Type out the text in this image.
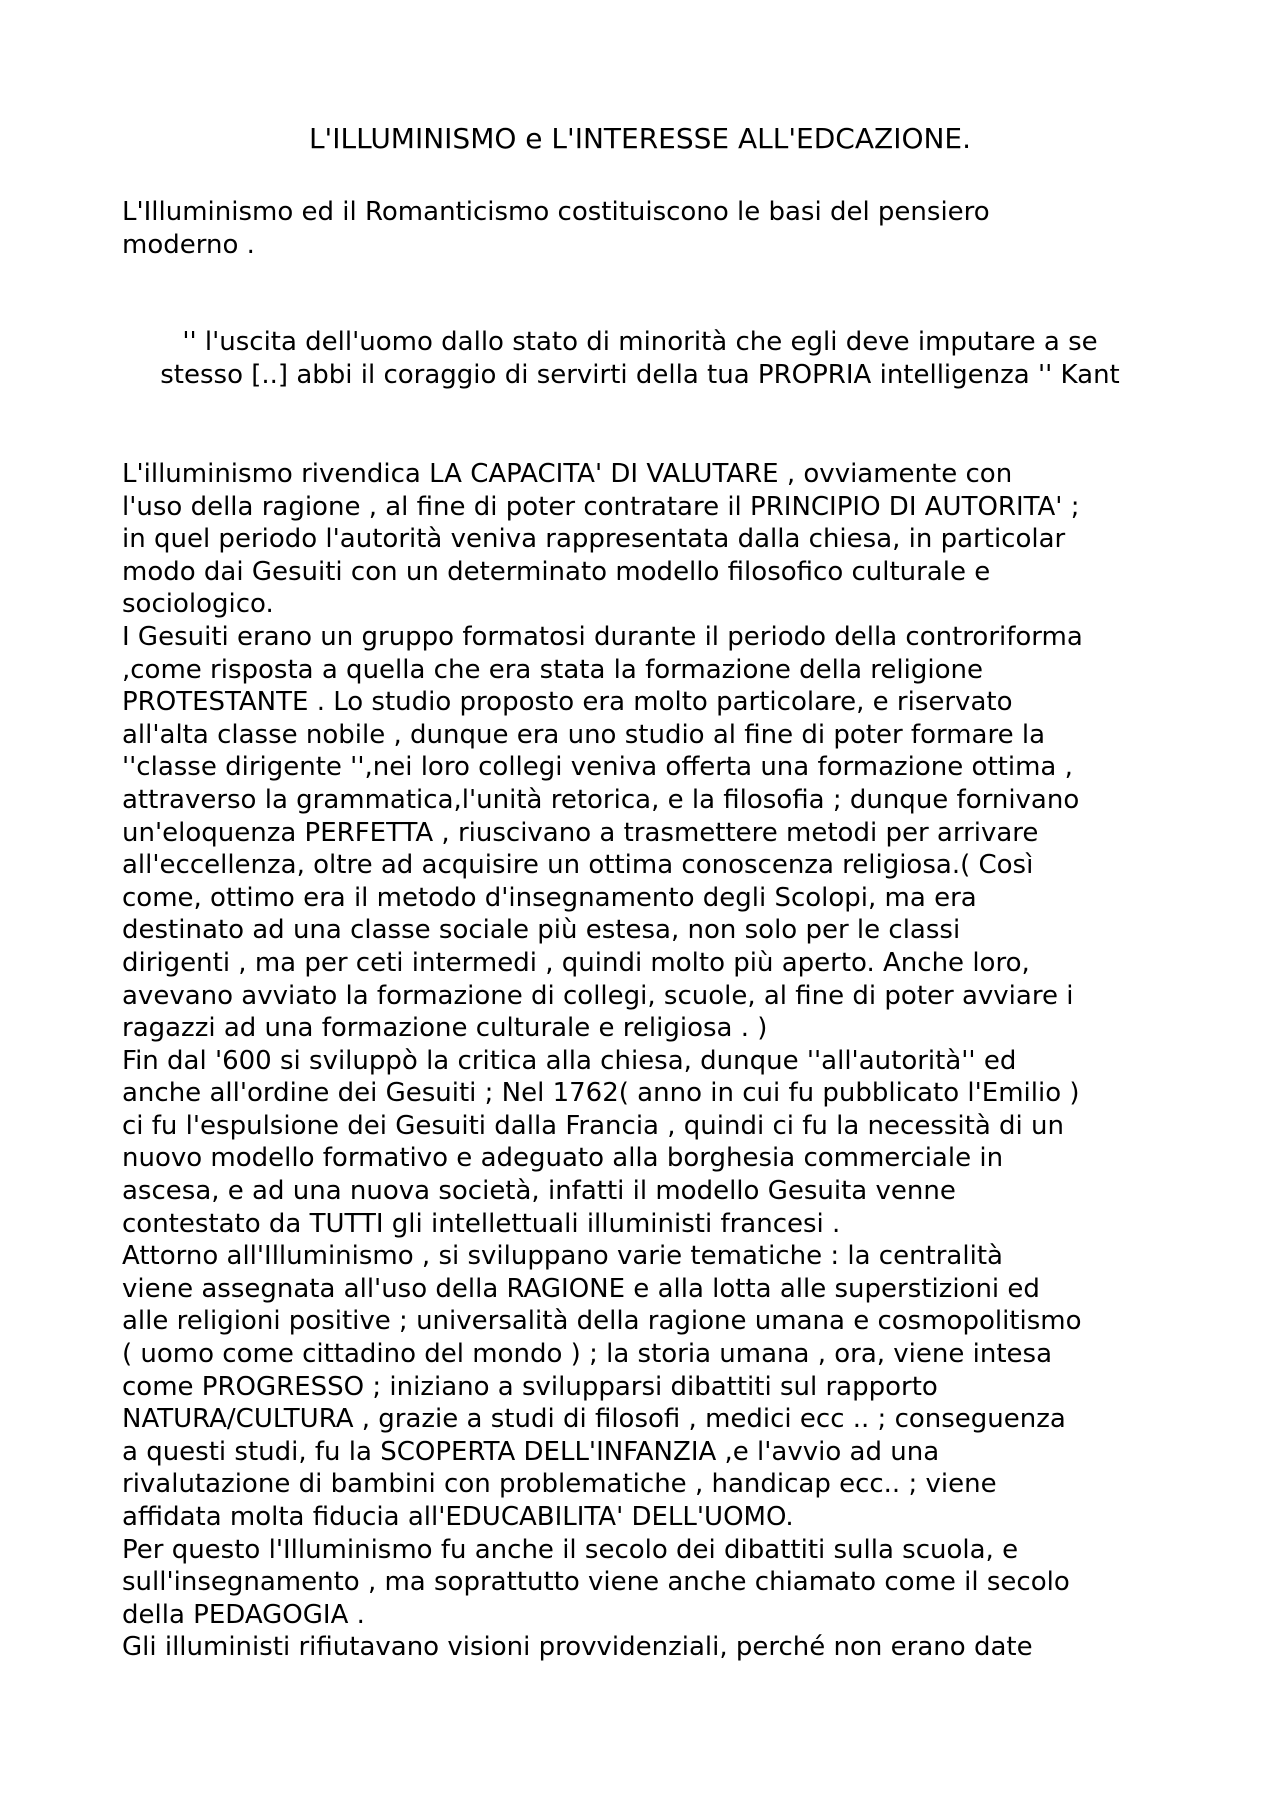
L'ILLUMINISMO e L'INTERESSE ALL'EDCAZIONE.

L'Illuminismo ed il Romanticismo costituiscono le basi del pensiero
moderno .

'' l'uscita dell'uomo dallo stato di minorità che egli deve imputare a se
stesso [..] abbi il coraggio di servirti della tua PROPRIA intelligenza '' Kant

L'illuminismo rivendica LA CAPACITA' DI VALUTARE , ovviamente con
l'uso della ragione , al fine di poter contratare il PRINCIPIO DI AUTORITA' ;
in quel periodo l'autorità veniva rappresentata dalla chiesa, in particolar
modo dai Gesuiti con un determinato modello filosofico culturale e
sociologico.
I Gesuiti erano un gruppo formatosi durante il periodo della controriforma
,come risposta a quella che era stata la formazione della religione
PROTESTANTE . Lo studio proposto era molto particolare, e riservato
all'alta classe nobile , dunque era uno studio al fine di poter formare la
''classe dirigente '',nei loro collegi veniva offerta una formazione ottima ,
attraverso la grammatica,l'unità retorica, e la filosofia ; dunque fornivano
un'eloquenza PERFETTA , riuscivano a trasmettere metodi per arrivare
all'eccellenza, oltre ad acquisire un ottima conoscenza religiosa.( Così
come, ottimo era il metodo d'insegnamento degli Scolopi, ma era
destinato ad una classe sociale più estesa, non solo per le classi
dirigenti , ma per ceti intermedi , quindi molto più aperto. Anche loro,
avevano avviato la formazione di collegi, scuole, al fine di poter avviare i
ragazzi ad una formazione culturale e religiosa . )
Fin dal '600 si sviluppò la critica alla chiesa, dunque ''all'autorità'' ed
anche all'ordine dei Gesuiti ; Nel 1762( anno in cui fu pubblicato l'Emilio )
ci fu l'espulsione dei Gesuiti dalla Francia , quindi ci fu la necessità di un
nuovo modello formativo e adeguato alla borghesia commerciale in
ascesa, e ad una nuova società, infatti il modello Gesuita venne
contestato da TUTTI gli intellettuali illuministi francesi .
Attorno all'Illuminismo , si sviluppano varie tematiche : la centralità
viene assegnata all'uso della RAGIONE e alla lotta alle superstizioni ed
alle religioni positive ; universalità della ragione umana e cosmopolitismo
( uomo come cittadino del mondo ) ; la storia umana , ora, viene intesa
come PROGRESSO ; iniziano a svilupparsi dibattiti sul rapporto
NATURA/CULTURA , grazie a studi di filosofi , medici ecc .. ; conseguenza
a questi studi, fu la SCOPERTA DELL'INFANZIA ,e l'avvio ad una
rivalutazione di bambini con problematiche , handicap ecc.. ; viene
affidata molta fiducia all'EDUCABILITA' DELL'UOMO.
Per questo l'Illuminismo fu anche il secolo dei dibattiti sulla scuola, e
sull'insegnamento , ma soprattutto viene anche chiamato come il secolo
della PEDAGOGIA .
Gli illuministi rifiutavano visioni provvidenziali, perché non erano date
